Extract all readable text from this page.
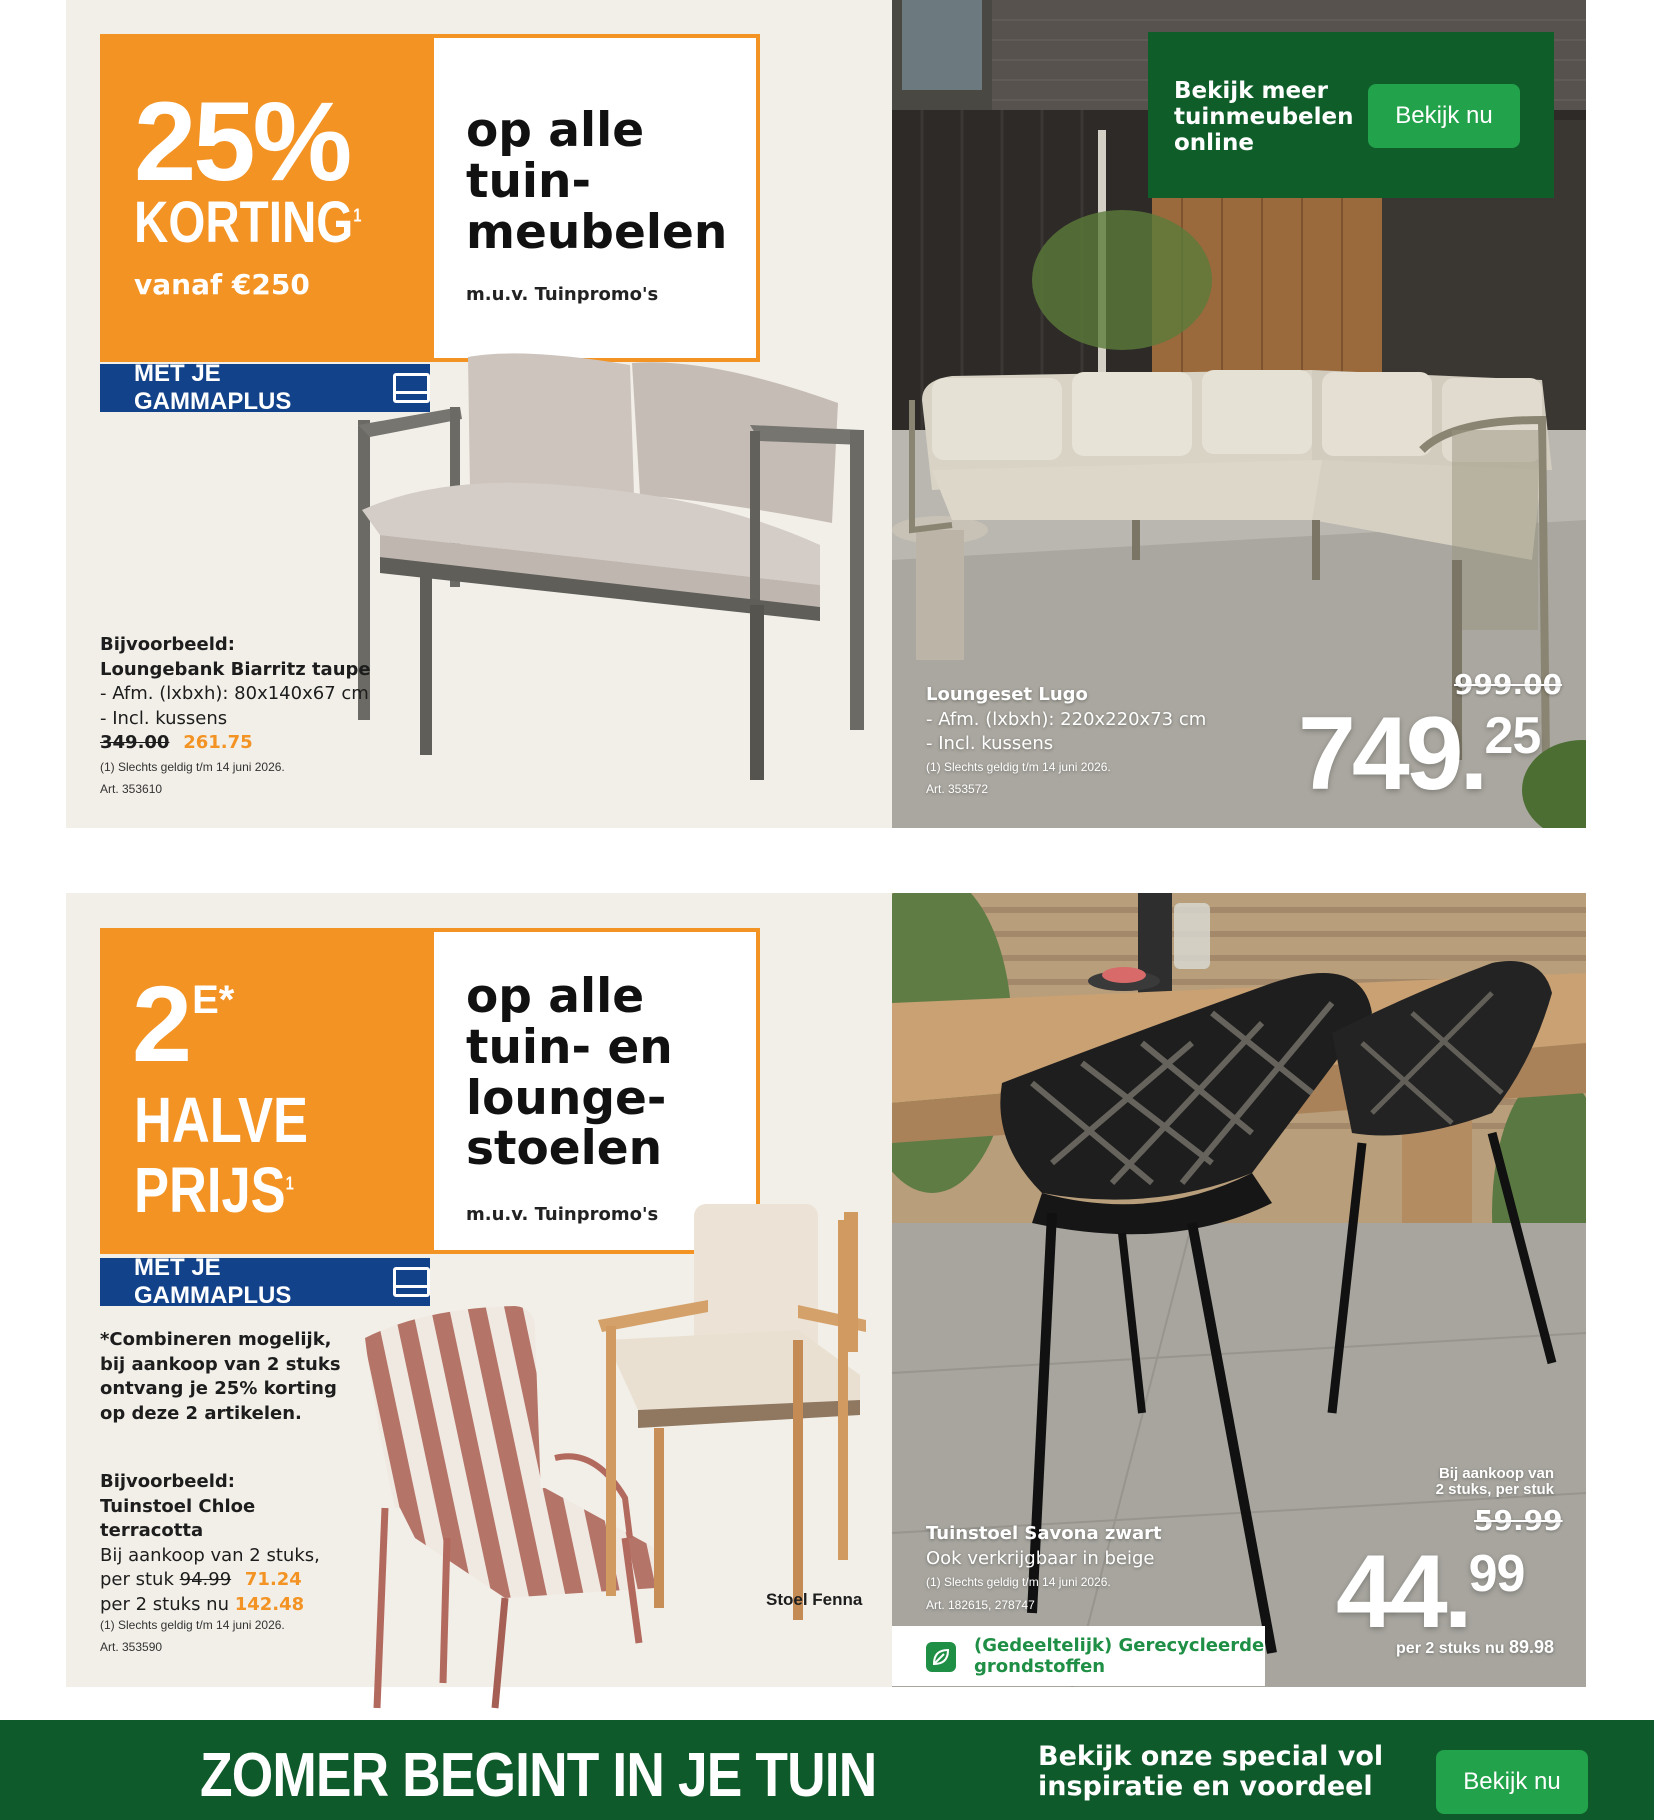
25%
KORTING$^1$
vanaf €250
op alle
tuin-
meubelen
m.u.v. Tuinpromo's
MET JE GAMMAPLUS
Bijvoorbeeld:
Loungebank Biarritz taupe
- Afm. (lxbxh): 80x140x67 cm
- Incl. kussens
349.00 261.75
(1) Slechts geldig t/m 14 juni 2026.
Art. 353610
Bekijk meer
tuinmeubelen
online
Bekijk nu
Loungeset Lugo
- Afm. (lxbxh): 220x220x73 cm
- Incl. kussens
(1) Slechts geldig t/m 14 juni 2026.
Art. 353572
999.00
749.25
$2^{E*}$
HALVE
PRIJS$^1$
op alle
tuin- en
lounge-
stoelen
m.u.v. Tuinpromo's
MET JE GAMMAPLUS
*Combineren mogelijk,
bij aankoop van 2 stuks
ontvang je 25% korting
op deze 2 artikelen.
Bijvoorbeeld:
Tuinstoel Chloe
terracotta
Bij aankoop van 2 stuks,
per stuk 94.99 71.24
per 2 stuks nu 142.48
(1) Slechts geldig t/m 14 juni 2026.
Art. 353590
Stoel Fenna
Tuinstoel Savona zwart
Ook verkrijgbaar in beige
(1) Slechts geldig t/m 14 juni 2026.
Art. 182615, 278747
Bij aankoop van
2 stuks, per stuk
59.99
44.99
per 2 stuks nu 89.98
(Gedeeltelijk) Gerecycleerde
grondstoffen
ZOMER BEGINT IN JE TUIN	Bekijk onze special vol
inspiratie en voordeel	Bekijk nu
